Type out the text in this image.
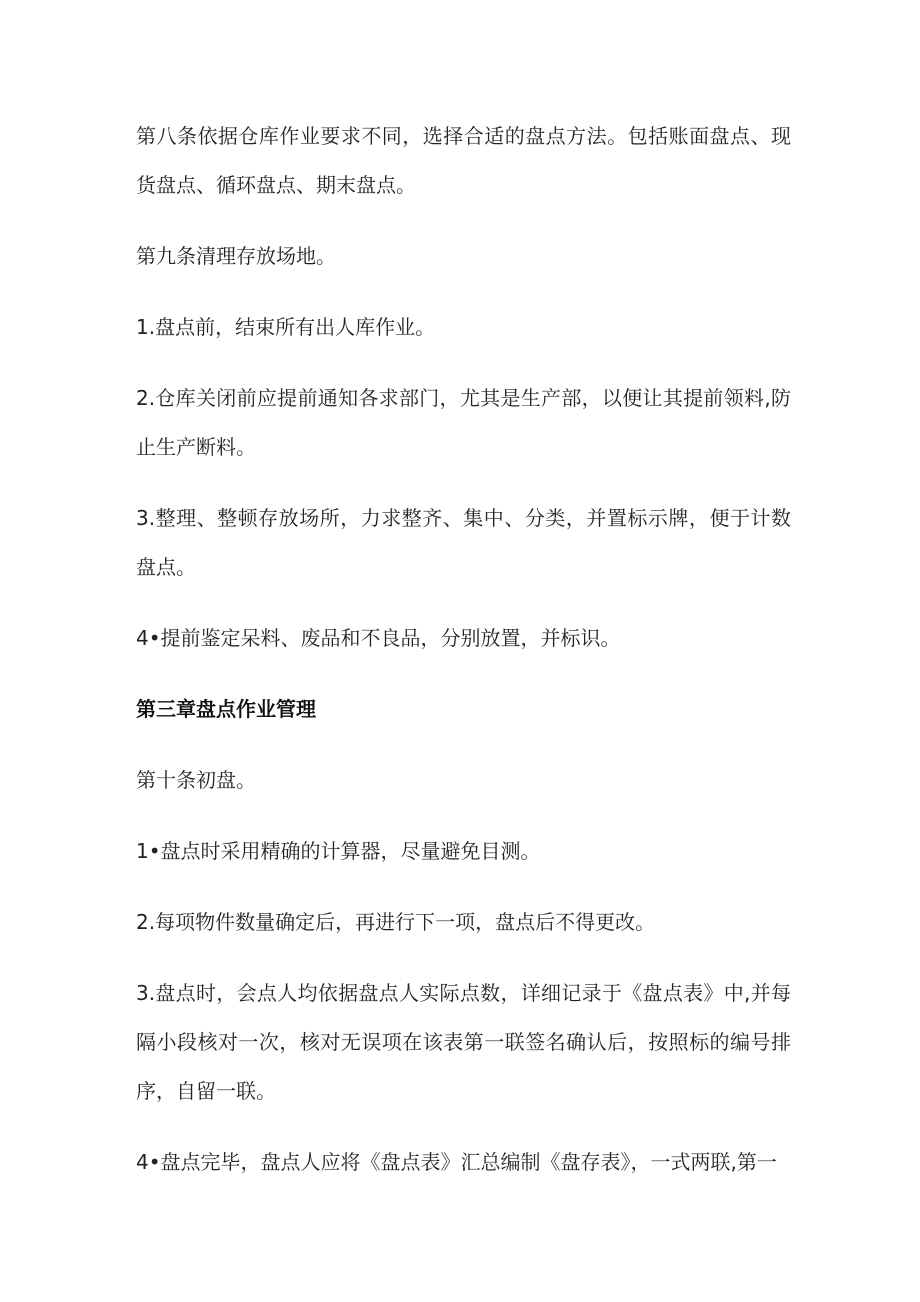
第八条依据仓库作业要求不同，选择合适的盘点方法。包括账面盘点、现货盘点、循环盘点、期末盘点。

第九条清理存放场地。

1.盘点前，结束所有出人库作业。

2.仓库关闭前应提前通知各求部门，尤其是生产部，以便让其提前领料,防止生产断料。

3.整理、整顿存放场所，力求整齐、集中、分类，并置标示牌，便于计数盘点。

4•提前鉴定呆料、废品和不良品，分别放置，并标识。

第三章盘点作业管理

第十条初盘。

1•盘点时采用精确的计算器，尽量避免目测。

2.每项物件数量确定后，再进行下一项，盘点后不得更改。

3.盘点时，会点人均依据盘点人实际点数，详细记录于《盘点表》中,并每隔小段核对一次，核对无误项在该表第一联签名确认后，按照标的编号排序，自留一联。

4•盘点完毕，盘点人应将《盘点表》汇总编制《盘存表》，一式两联,第一
